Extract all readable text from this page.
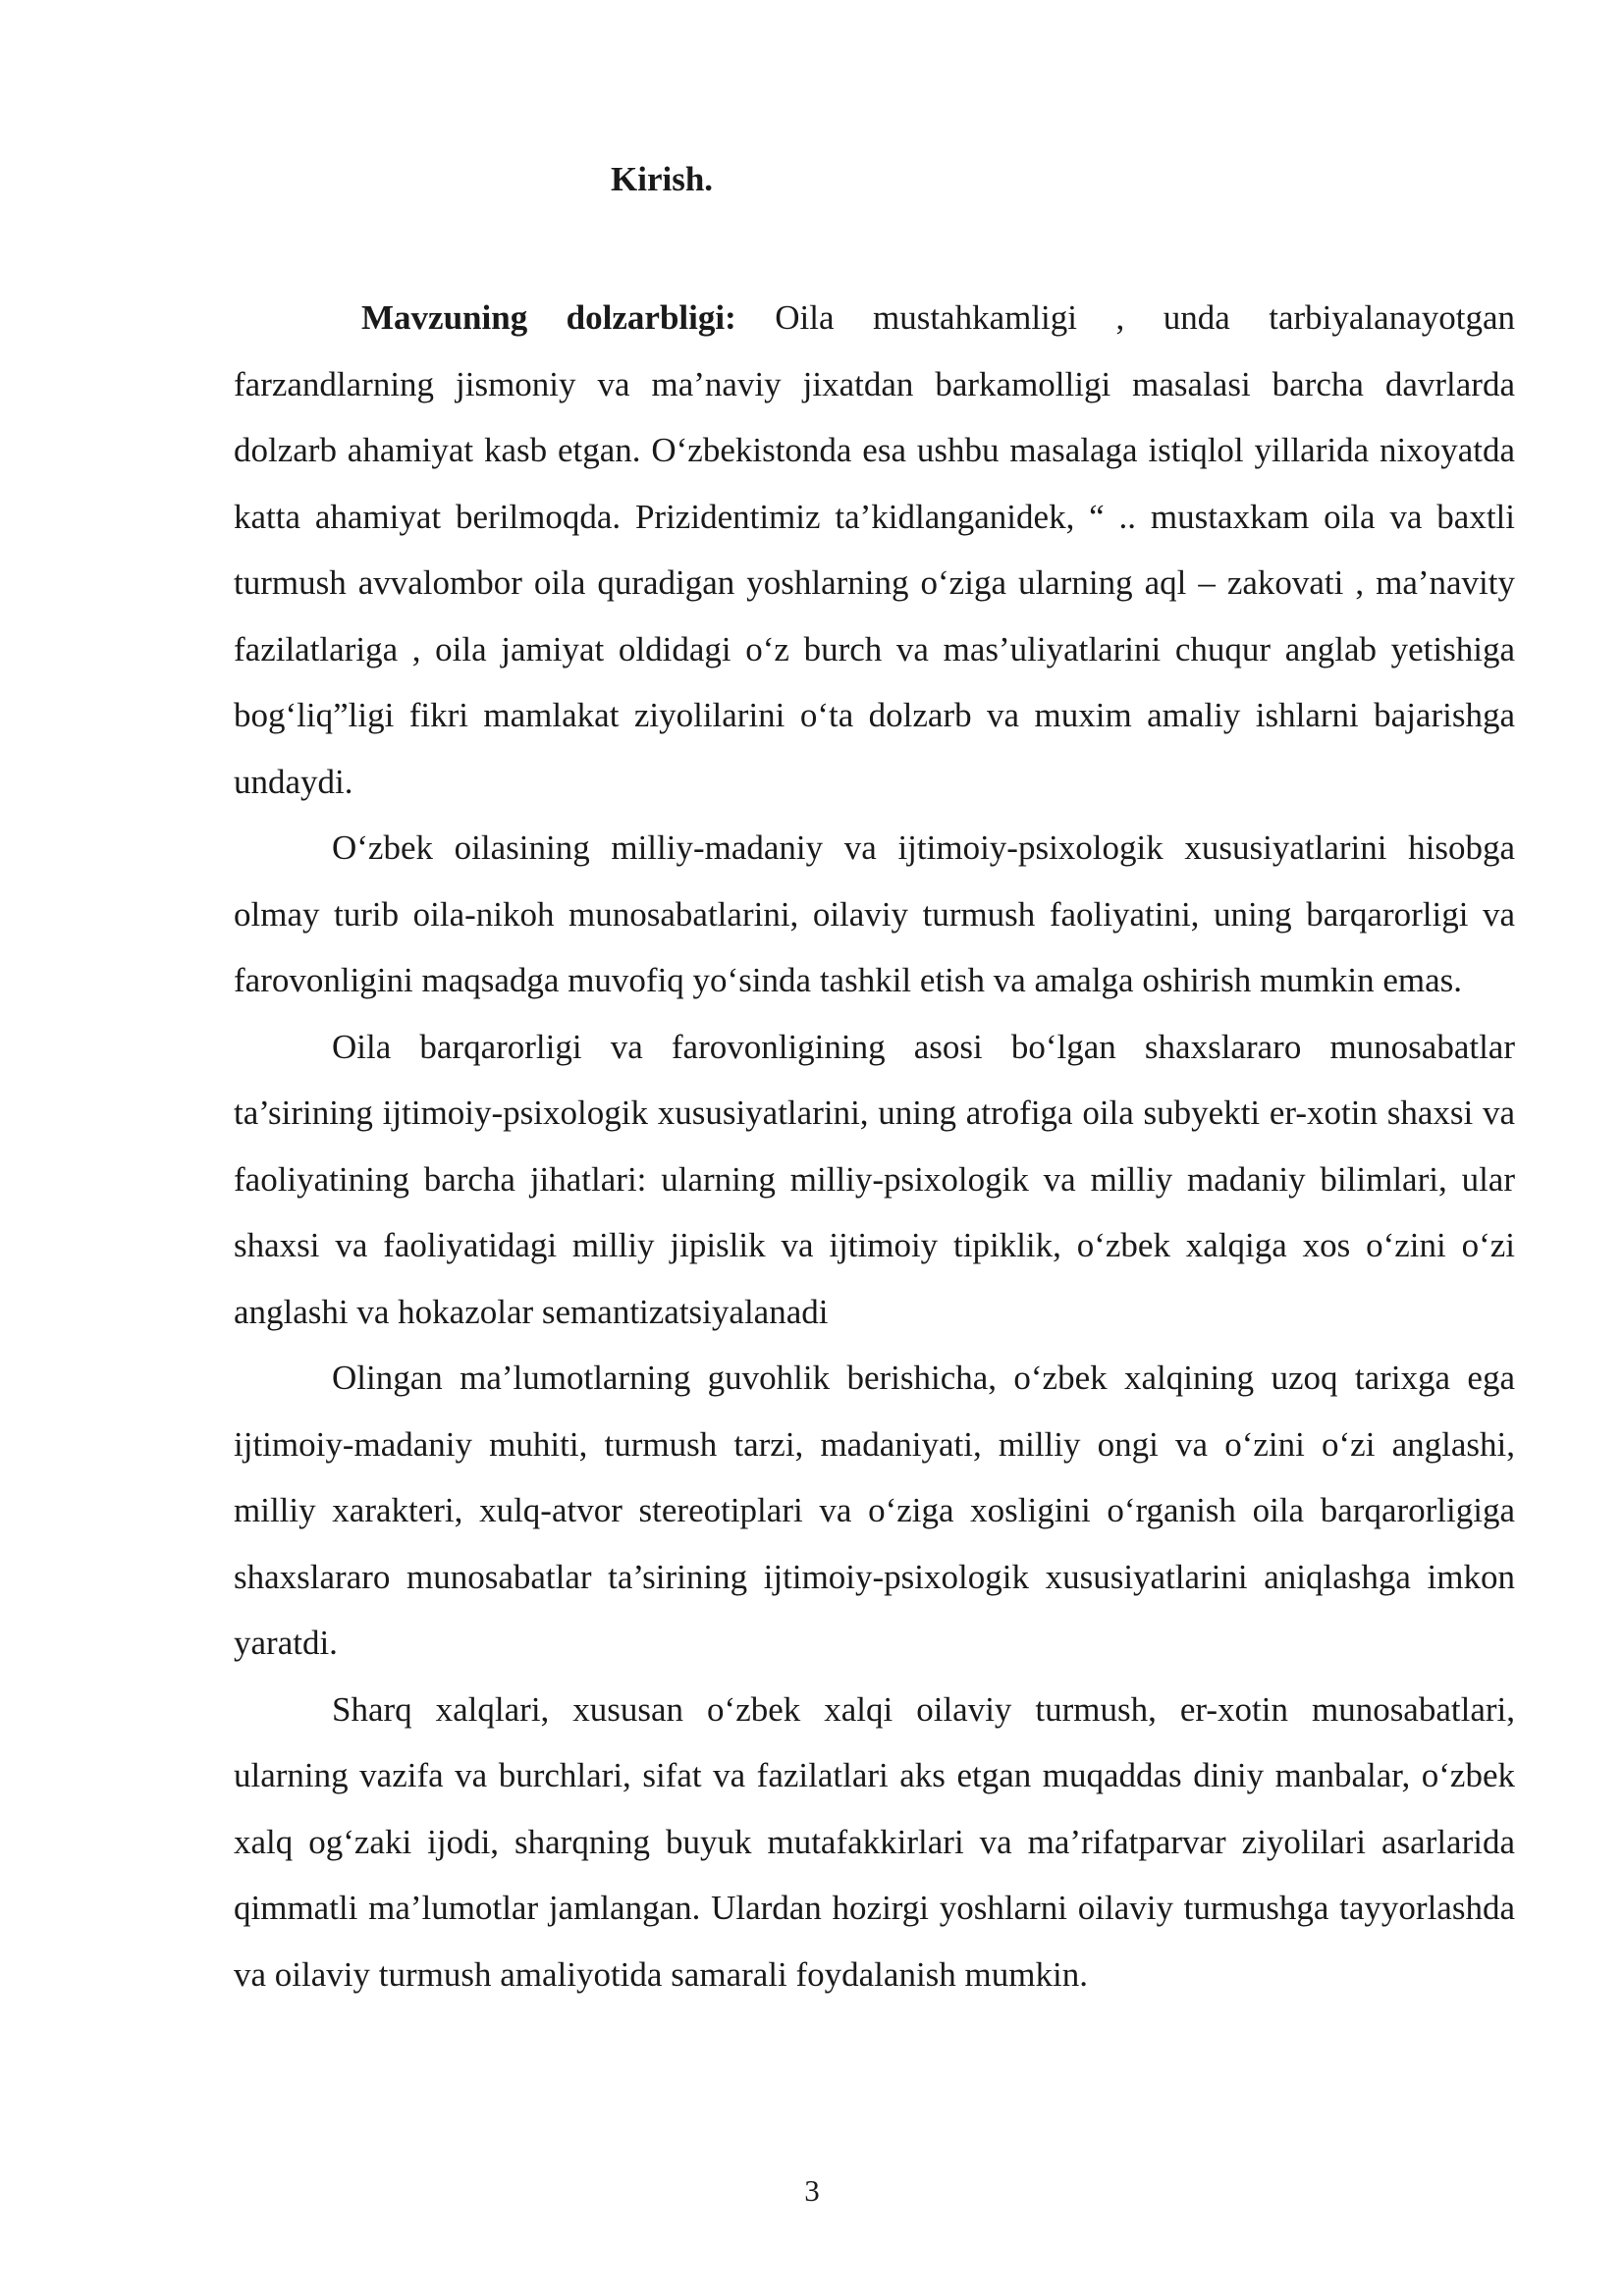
Kirish.

Mavzuning dolzarbligi: Oila mustahkamligi , unda tarbiyalanayotgan farzandlarning jismoniy va ma’naviy jixatdan barkamolligi masalasi barcha davrlarda dolzarb ahamiyat kasb etgan. O‘zbekistonda esa ushbu masalaga istiqlol yillarida nixoyatda katta ahamiyat berilmoqda. Prizidentimiz ta’kidlanganidek, “ .. mustaxkam oila va baxtli turmush avvalombor oila quradigan yoshlarning o‘ziga ularning aql – zakovati , ma’navity fazilatlariga , oila jamiyat oldidagi o‘z burch va mas’uliyatlarini chuqur anglab yetishiga bog‘liq”ligi fikri mamlakat ziyolilarini o‘ta dolzarb va muxim amaliy ishlarni bajarishga undaydi.

O‘zbek oilasining milliy-madaniy va ijtimoiy-psixologik xususiyatlarini hisobga olmay turib oila-nikoh munosabatlarini, oilaviy turmush faoliyatini, uning barqarorligi va farovonligini maqsadga muvofiq yo‘sinda tashkil etish va amalga oshirish mumkin emas.

Oila barqarorligi va farovonligining asosi bo‘lgan shaxslararo munosabatlar ta’sirining ijtimoiy-psixologik xususiyatlarini, uning atrofiga oila subyekti er-xotin shaxsi va faoliyatining barcha jihatlari: ularning milliy-psixologik va milliy madaniy bilimlari, ular shaxsi va faoliyatidagi milliy jipislik va ijtimoiy tipiklik, o‘zbek xalqiga xos o‘zini o‘zi anglashi va hokazolar semantizatsiyalanadi

Olingan ma’lumotlarning guvohlik berishicha, o‘zbek xalqining uzoq tarixga ega ijtimoiy-madaniy muhiti, turmush tarzi, madaniyati, milliy ongi va o‘zini o‘zi anglashi, milliy xarakteri, xulq-atvor stereotiplari va o‘ziga xosligini o‘rganish oila barqarorligiga shaxslararo munosabatlar ta’sirining ijtimoiy-psixologik xususiyatlarini aniqlashga imkon yaratdi.

Sharq xalqlari, xususan o‘zbek xalqi oilaviy turmush, er-xotin munosabatlari, ularning vazifa va burchlari, sifat va fazilatlari aks etgan muqaddas diniy manbalar, o‘zbek xalq og‘zaki ijodi, sharqning buyuk mutafakkirlari va ma’rifatparvar ziyolilari asarlarida qimmatli ma’lumotlar jamlangan. Ulardan hozirgi yoshlarni oilaviy turmushga tayyorlashda va oilaviy turmush amaliyotida samarali foydalanish mumkin.

3
